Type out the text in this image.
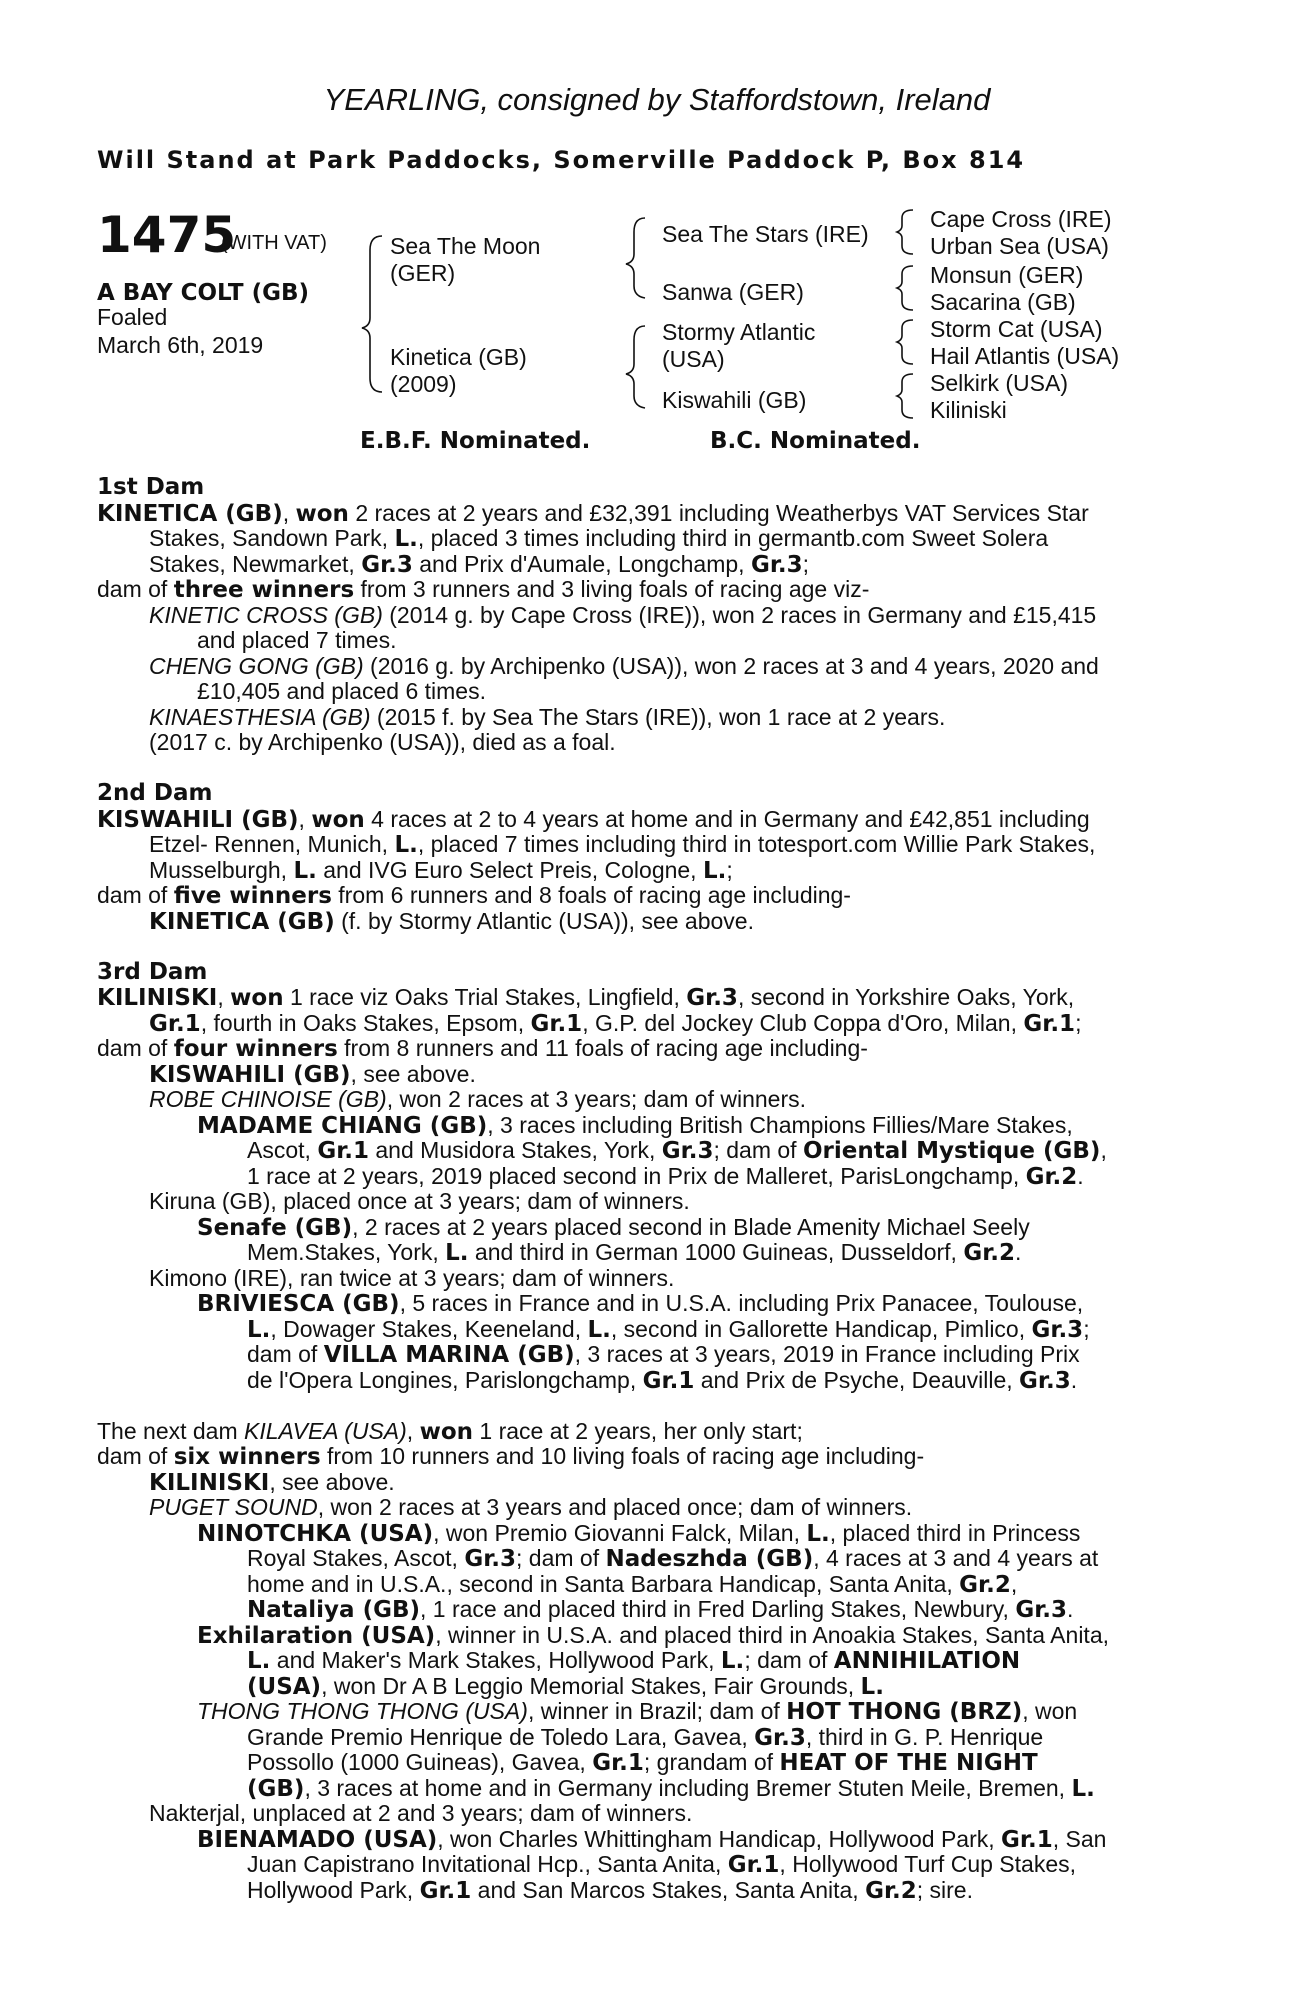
YEARLING, consigned by Staffordstown, Ireland
Will Stand at Park Paddocks, Somerville Paddock P, Box 814
1475
(WITH VAT)
A BAY COLT (GB)
Foaled
March 6th, 2019
Sea The Moon (GER)
Kinetica (GB) (2009)
Sea The Stars (IRE)
Sanwa (GER)
Stormy Atlantic (USA)
Kiswahili (GB)
Cape Cross (IRE)
Urban Sea (USA)
Monsun (GER)
Sacarina (GB)
Storm Cat (USA)
Hail Atlantis (USA)
Selkirk (USA)
Kiliniski
E.B.F. Nominated.	B.C. Nominated.
1st Dam
KINETICA (GB), won 2 races at 2 years and £32,391 including Weatherbys VAT Services Star
Stakes, Sandown Park, L., placed 3 times including third in germantb.com Sweet Solera
Stakes, Newmarket, Gr.3 and Prix d'Aumale, Longchamp, Gr.3;
dam of three winners from 3 runners and 3 living foals of racing age viz-
KINETIC CROSS (GB) (2014 g. by Cape Cross (IRE)), won 2 races in Germany and £15,415
and placed 7 times.
CHENG GONG (GB) (2016 g. by Archipenko (USA)), won 2 races at 3 and 4 years, 2020 and
£10,405 and placed 6 times.
KINAESTHESIA (GB) (2015 f. by Sea The Stars (IRE)), won 1 race at 2 years.
(2017 c. by Archipenko (USA)), died as a foal.
2nd Dam
KISWAHILI (GB), won 4 races at 2 to 4 years at home and in Germany and £42,851 including
Etzel- Rennen, Munich, L., placed 7 times including third in totesport.com Willie Park Stakes,
Musselburgh, L. and IVG Euro Select Preis, Cologne, L.;
dam of five winners from 6 runners and 8 foals of racing age including-
KINETICA (GB) (f. by Stormy Atlantic (USA)), see above.
3rd Dam
KILINISKI, won 1 race viz Oaks Trial Stakes, Lingfield, Gr.3, second in Yorkshire Oaks, York,
Gr.1, fourth in Oaks Stakes, Epsom, Gr.1, G.P. del Jockey Club Coppa d'Oro, Milan, Gr.1;
dam of four winners from 8 runners and 11 foals of racing age including-
KISWAHILI (GB), see above.
ROBE CHINOISE (GB), won 2 races at 3 years; dam of winners.
MADAME CHIANG (GB), 3 races including British Champions Fillies/Mare Stakes,
Ascot, Gr.1 and Musidora Stakes, York, Gr.3; dam of Oriental Mystique (GB),
1 race at 2 years, 2019 placed second in Prix de Malleret, ParisLongchamp, Gr.2.
Kiruna (GB), placed once at 3 years; dam of winners.
Senafe (GB), 2 races at 2 years placed second in Blade Amenity Michael Seely
Mem.Stakes, York, L. and third in German 1000 Guineas, Dusseldorf, Gr.2.
Kimono (IRE), ran twice at 3 years; dam of winners.
BRIVIESCA (GB), 5 races in France and in U.S.A. including Prix Panacee, Toulouse,
L., Dowager Stakes, Keeneland, L., second in Gallorette Handicap, Pimlico, Gr.3;
dam of VILLA MARINA (GB), 3 races at 3 years, 2019 in France including Prix
de l'Opera Longines, Parislongchamp, Gr.1 and Prix de Psyche, Deauville, Gr.3.
The next dam KILAVEA (USA), won 1 race at 2 years, her only start;
dam of six winners from 10 runners and 10 living foals of racing age including-
KILINISKI, see above.
PUGET SOUND, won 2 races at 3 years and placed once; dam of winners.
NINOTCHKA (USA), won Premio Giovanni Falck, Milan, L., placed third in Princess
Royal Stakes, Ascot, Gr.3; dam of Nadeszhda (GB), 4 races at 3 and 4 years at
home and in U.S.A., second in Santa Barbara Handicap, Santa Anita, Gr.2,
Nataliya (GB), 1 race and placed third in Fred Darling Stakes, Newbury, Gr.3.
Exhilaration (USA), winner in U.S.A. and placed third in Anoakia Stakes, Santa Anita,
L. and Maker's Mark Stakes, Hollywood Park, L.; dam of ANNIHILATION
(USA), won Dr A B Leggio Memorial Stakes, Fair Grounds, L.
THONG THONG THONG (USA), winner in Brazil; dam of HOT THONG (BRZ), won
Grande Premio Henrique de Toledo Lara, Gavea, Gr.3, third in G. P. Henrique
Possollo (1000 Guineas), Gavea, Gr.1; grandam of HEAT OF THE NIGHT
(GB), 3 races at home and in Germany including Bremer Stuten Meile, Bremen, L.
Nakterjal, unplaced at 2 and 3 years; dam of winners.
BIENAMADO (USA), won Charles Whittingham Handicap, Hollywood Park, Gr.1, San
Juan Capistrano Invitational Hcp., Santa Anita, Gr.1, Hollywood Turf Cup Stakes,
Hollywood Park, Gr.1 and San Marcos Stakes, Santa Anita, Gr.2; sire.
